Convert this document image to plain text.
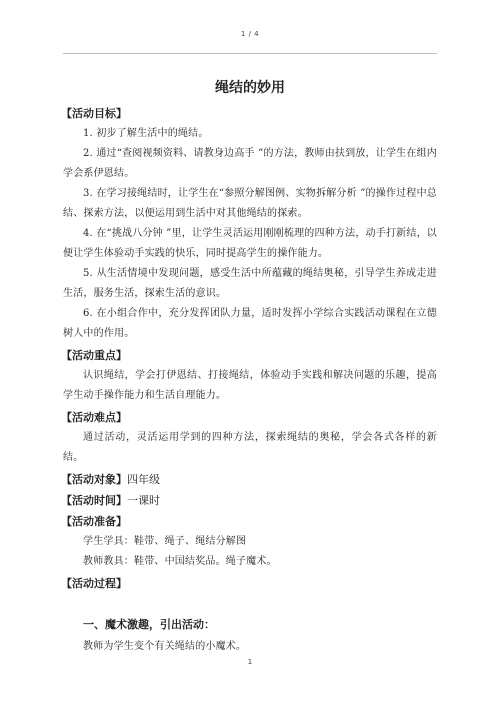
1 / 4
绳结的妙用
【活动目标】

1. 初步了解生活中的绳结。

2. 通过“查阅视频资料、请教身边高手 ”的方法，教师由扶到放，让学生在组内学会系伊恩结。

3. 在学习接绳结时，让学生在“参照分解图例、实物拆解分析 ”的操作过程中总结、探索方法，以便运用到生活中对其他绳结的探索。

4. 在“挑战八分钟 ”里，让学生灵活运用刚刚梳理的四种方法，动手打新结，以便让学生体验动手实践的快乐，同时提高学生的操作能力。

5. 从生活情境中发现问题，感受生活中所蕴藏的绳结奥秘，引导学生养成走进生活，服务生活，探索生活的意识。

6. 在小组合作中，充分发挥团队力量，适时发挥小学综合实践活动课程在立德树人中的作用。

【活动重点】

认识绳结，学会打伊恩结、打接绳结，体验动手实践和解决问题的乐趣，提高学生动手操作能力和生活自理能力。

【活动难点】

通过活动，灵活运用学到的四种方法，探索绳结的奥秘，学会各式各样的新结。

【活动对象】四年级
【活动时间】一课时
【活动准备】

学生学具：鞋带、绳子、绳结分解图

教师教具：鞋带、中国结奖品。绳子魔术。

【活动过程】
一、魔术激趣，引出活动：

教师为学生变个有关绳结的小魔术。

1
